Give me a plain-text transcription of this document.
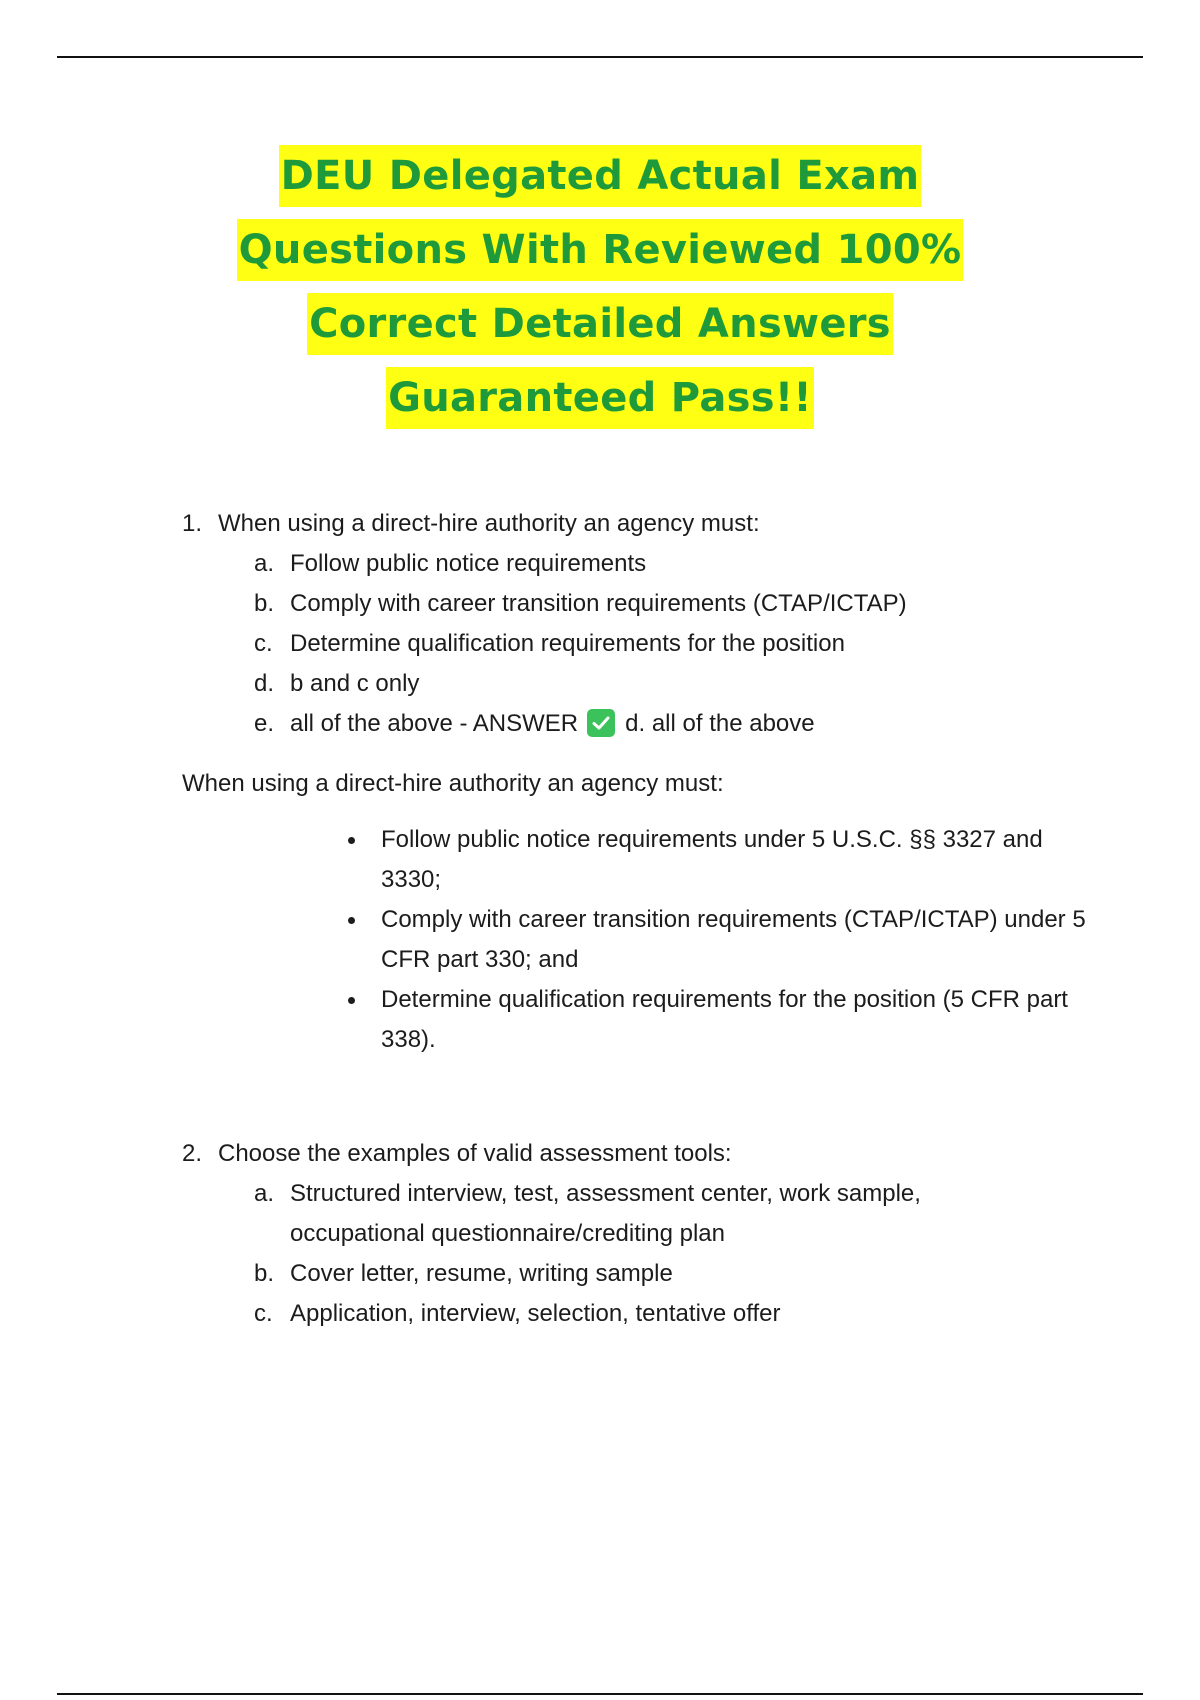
DEU Delegated Actual Exam
Questions With Reviewed 100%
Correct Detailed Answers
Guaranteed Pass!!
1. When using a direct-hire authority an agency must:
a. Follow public notice requirements
b. Comply with career transition requirements (CTAP/ICTAP)
c. Determine qualification requirements for the position
d. b and c only
e. all of the above - ANSWER d. all of the above
When using a direct-hire authority an agency must:
Follow public notice requirements under 5 U.S.C. §§ 3327 and 3330;
Comply with career transition requirements (CTAP/ICTAP) under 5 CFR part 330; and
Determine qualification requirements for the position (5 CFR part 338).
2. Choose the examples of valid assessment tools:
a. Structured interview, test, assessment center, work sample, occupational questionnaire/crediting plan
b. Cover letter, resume, writing sample
c. Application, interview, selection, tentative offer
